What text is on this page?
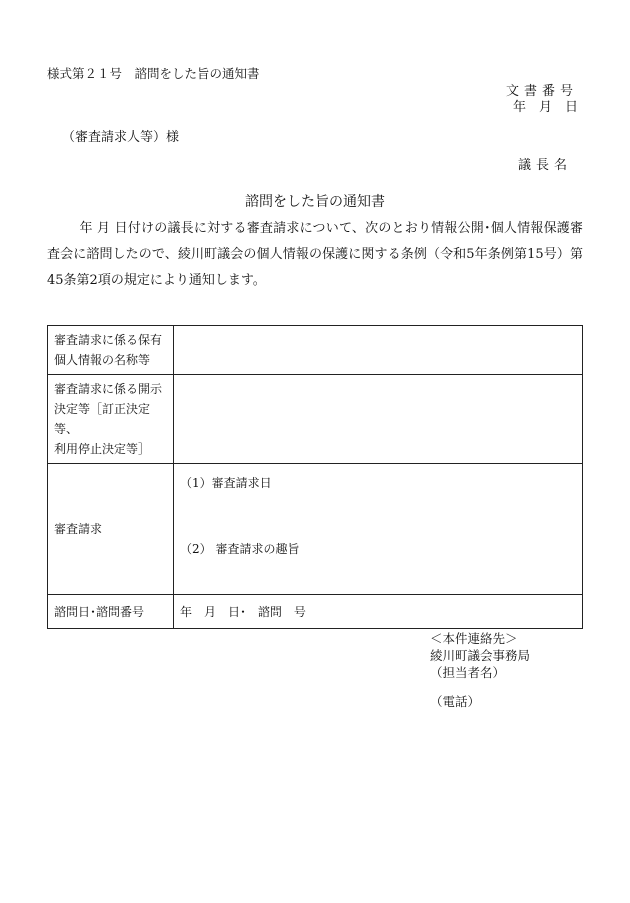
様式第２１号　諮問をした旨の通知書
文書番号
年　月　日
（審査請求人等）様
議長名
諮問をした旨の通知書

年 月 日付けの議長に対する審査請求について、次のとおり情報公開･個人情報保護審査会に諮問したので、綾川町議会の個人情報の保護に関する条例（令和5年条例第15号）第45条第2項の規定により通知します。

審査請求に係る保有
個人情報の名称等	

審査請求に係る開示
決定等［訂正決定等、
利用停止決定等］	

審査請求	（1）審査請求日
（2） 審査請求の趣旨

諮問日･諮問番号	年　月　日･ 諮問　号
＜本件連絡先＞
綾川町議会事務局
（担当者名）
（電話）
